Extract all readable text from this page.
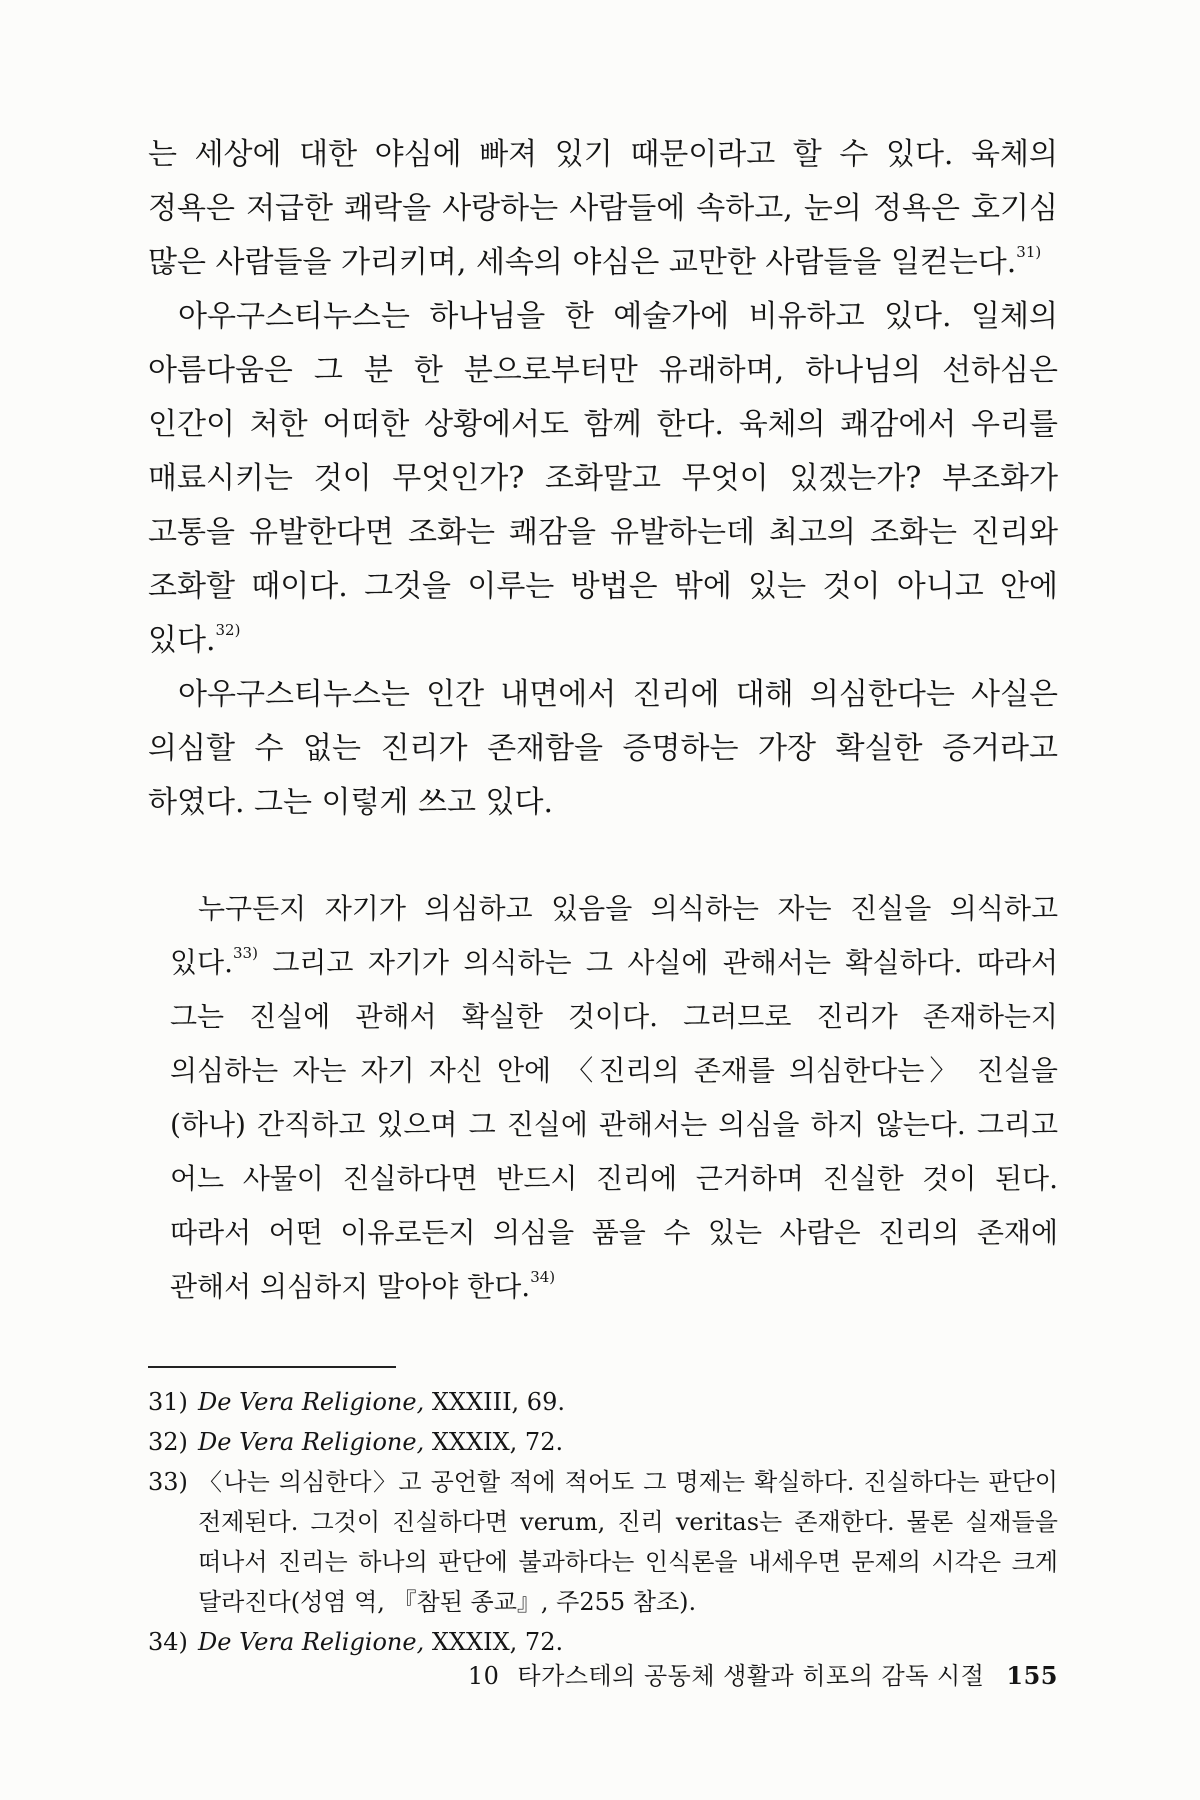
는 세상에 대한 야심에 빠져 있기 때문이라고 할 수 있다. 육체의 정욕은 저급한 쾌락을 사랑하는 사람들에 속하고, 눈의 정욕은 호기심 많은 사람들을 가리키며, 세속의 야심은 교만한 사람들을 일컫는다.$^{31)}$

아우구스티누스는 하나님을 한 예술가에 비유하고 있다. 일체의 아름다움은 그 분 한 분으로부터만 유래하며, 하나님의 선하심은 인간이 처한 어떠한 상황에서도 함께 한다. 육체의 쾌감에서 우리를 매료시키는 것이 무엇인가? 조화말고 무엇이 있겠는가? 부조화가 고통을 유발한다면 조화는 쾌감을 유발하는데 최고의 조화는 진리와 조화할 때이다. 그것을 이루는 방법은 밖에 있는 것이 아니고 안에 있다.$^{32)}$

아우구스티누스는 인간 내면에서 진리에 대해 의심한다는 사실은 의심할 수 없는 진리가 존재함을 증명하는 가장 확실한 증거라고 하였다. 그는 이렇게 쓰고 있다.

누구든지 자기가 의심하고 있음을 의식하는 자는 진실을 의식하고 있다.$^{33)}$ 그리고 자기가 의식하는 그 사실에 관해서는 확실하다. 따라서 그는 진실에 관해서 확실한 것이다. 그러므로 진리가 존재하는지 의심하는 자는 자기 자신 안에 〈진리의 존재를 의심한다는〉 진실을 (하나) 간직하고 있으며 그 진실에 관해서는 의심을 하지 않는다. 그리고 어느 사물이 진실하다면 반드시 진리에 근거하며 진실한 것이 된다. 따라서 어떤 이유로든지 의심을 품을 수 있는 사람은 진리의 존재에 관해서 의심하지 말아야 한다.$^{34)}$

31) De Vera Religione, XXXIII, 69.
32) De Vera Religione, XXXIX, 72.
33) 〈나는 의심한다〉고 공언할 적에 적어도 그 명제는 확실하다. 진실하다는 판단이 전제된다. 그것이 진실하다면 verum, 진리 veritas는 존재한다. 물론 실재들을 떠나서 진리는 하나의 판단에 불과하다는 인식론을 내세우면 문제의 시각은 크게 달라진다(성염 역, 『참된 종교』, 주255 참조).
34) De Vera Religione, XXXIX, 72.
10 타가스테의 공동체 생활과 히포의 감독 시절 155
